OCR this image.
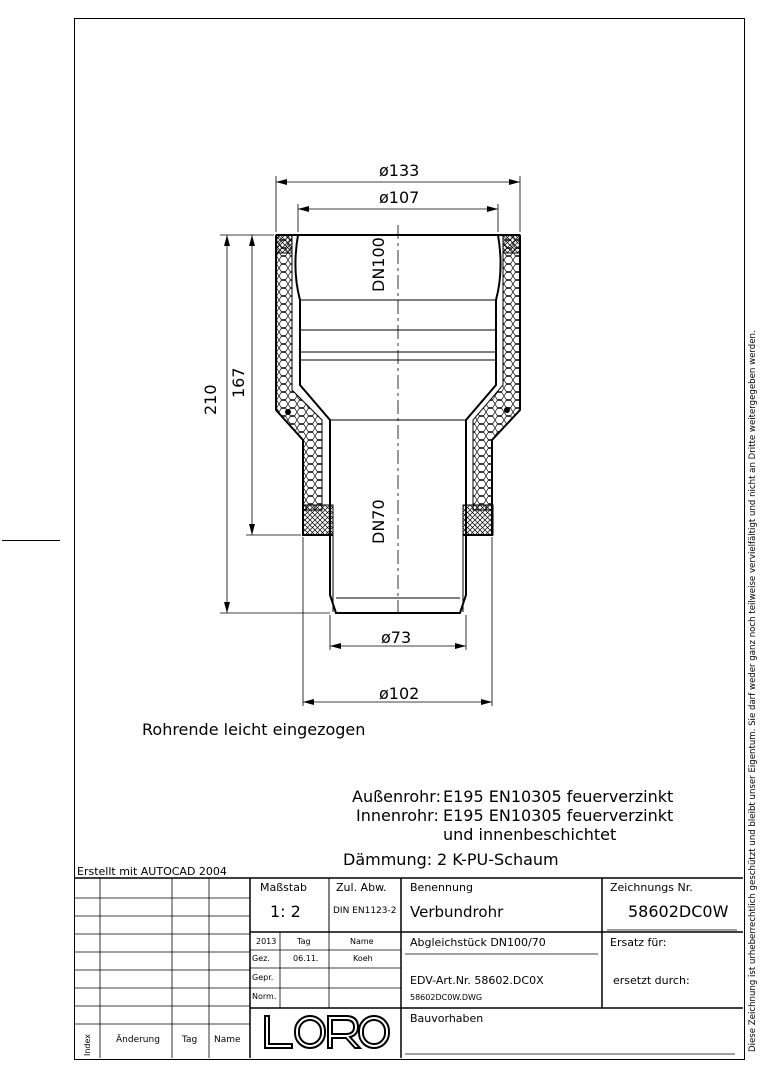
ø133
ø107
ø73
ø102
210
167
DN100
DN70
Rohrende leicht eingezogen
Außenrohr: E195 EN10305 feuerverzinkt
Innenrohr: E195 EN10305 feuerverzinkt
und innenbeschichtet
Dämmung: 2 K-PU-Schaum	Diese Zeichnung ist urheberrechtlich geschützt und bleibt unser Eigentum. Sie darf weder ganz noch teilweise vervielfältigt und nicht an Dritte weitergegeben werden.
Erstellt mit AUTOCAD 2004
Maßstab
1: 2
Zul. Abw.
DIN EN1123-2
Benennung
Verbundrohr
Zeichnungs Nr.
58602DC0W
2013	Tag	Name
Gez.	06.11.	Koeh
Gepr.
Norm.
Abgleichstück DN100/70	Ersatz für:
EDV-Art.Nr. 58602.DC0X
58602DC0W.DWG
ersetzt durch:
Bauvorhaben
LORO
Index	Änderung Tag Name
